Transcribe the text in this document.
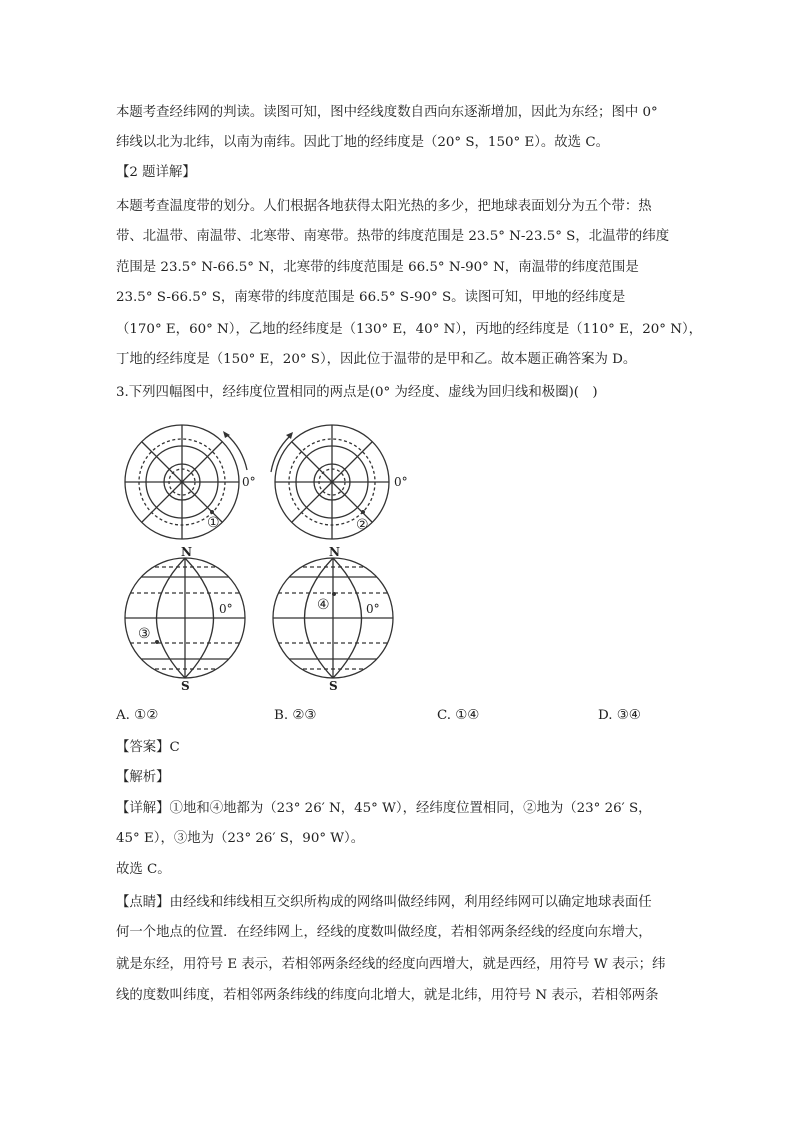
本题考查经纬网的判读。读图可知，图中经线度数自西向东逐渐增加，因此为东经；图中 0°
纬线以北为北纬，以南为南纬。因此丁地的经纬度是（20° S，150° E）。故选 C。
【2 题详解】
本题考查温度带的划分。人们根据各地获得太阳光热的多少，把地球表面划分为五个带：热
带、北温带、南温带、北寒带、南寒带。热带的纬度范围是 23.5° N-23.5° S，北温带的纬度
范围是 23.5° N-66.5° N，北寒带的纬度范围是 66.5° N-90° N，南温带的纬度范围是
23.5° S-66.5° S，南寒带的纬度范围是 66.5° S-90° S。读图可知，甲地的经纬度是
（170° E，60° N），乙地的经纬度是（130° E，40° N），丙地的经纬度是（110° E，20° N），
丁地的经纬度是（150° E，20° S），因此位于温带的是甲和乙。故本题正确答案为 D。
3.下列四幅图中，经纬度位置相同的两点是(0° 为经度、虚线为回归线和极圈)(　)
0°
①
0°
②
N
S
0°
③
N
S
0°
④
A. ①②	B. ②③	C. ①④	D. ③④
【答案】C
【解析】
【详解】①地和④地都为（23° 26′ N，45° W），经纬度位置相同，②地为（23° 26′ S，
45° E），③地为（23° 26′ S，90° W）。
故选 C。
【点睛】由经线和纬线相互交织所构成的网络叫做经纬网，利用经纬网可以确定地球表面任
何一个地点的位置．在经纬网上，经线的度数叫做经度，若相邻两条经线的经度向东增大，
就是东经，用符号 E 表示，若相邻两条经线的经度向西增大，就是西经，用符号 W 表示；纬
线的度数叫纬度，若相邻两条纬线的纬度向北增大，就是北纬，用符号 N 表示，若相邻两条
